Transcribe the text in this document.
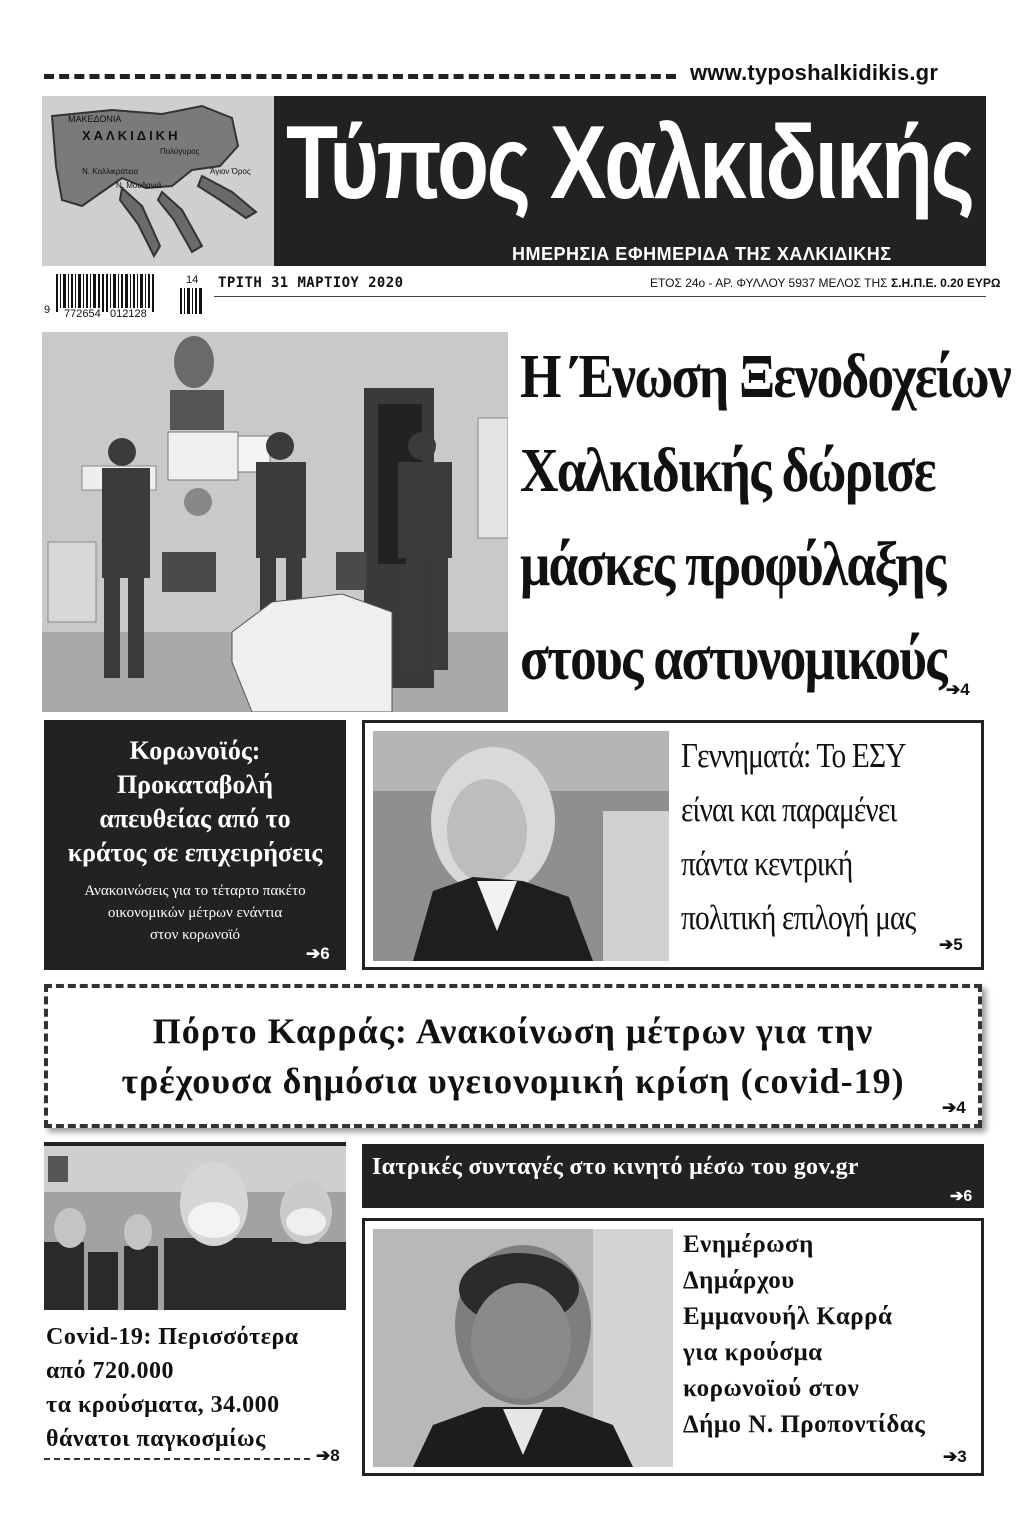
www.typoshalkidikis.gr
ΜΑΚΕΔΟΝΙΑ
ΧΑΛΚΙΔΙΚΗ
Πολύγυρος
Ν. Καλλικράτεια
Ν. Μουδανιά
Άγιον Όρος Τύπος Χαλκιδικής
ΗΜΕΡΗΣΙΑ ΕΦΗΜΕΡΙΔΑ ΤΗΣ ΧΑΛΚΙΔΙΚΗΣ
9 772654 012128
14 ΤΡΙΤΗ 31 ΜΑΡΤΙΟΥ 2020	ΕΤΟΣ 24ο - ΑΡ. ΦΥΛΛΟΥ 5937 ΜΕΛΟΣ ΤΗΣ Σ.Η.Π.Ε. 0.20 ΕΥΡΩ
Η Ένωση Ξενοδοχείων
Χαλκιδικής δώρισε
μάσκες προφύλαξης
στους αστυνομικούς ➔4
Κορωνοϊός:
Προκαταβολή
απευθείας από το
κράτος σε επιχειρήσεις
Ανακοινώσεις για το τέταρτο πακέτο
οικονομικών μέτρων ενάντια
στον κορωνοϊό
➔6
Γεννηματά: Το ΕΣΥ
είναι και παραμένει
πάντα κεντρική
πολιτική επιλογή μας
➔5
Πόρτο Καρράς: Ανακοίνωση μέτρων για την
τρέχουσα δημόσια υγειονομική κρίση (covid-19)
➔4
Covid-19: Περισσότερα
από 720.000
τα κρούσματα, 34.000
θάνατοι παγκοσμίως
➔8
Ιατρικές συνταγές στο κινητό μέσω του gov.gr
➔6
Ενημέρωση
Δημάρχου
Εμμανουήλ Καρρά
για κρούσμα
κορωνοϊού στον
Δήμο Ν. Προποντίδας
➔3
